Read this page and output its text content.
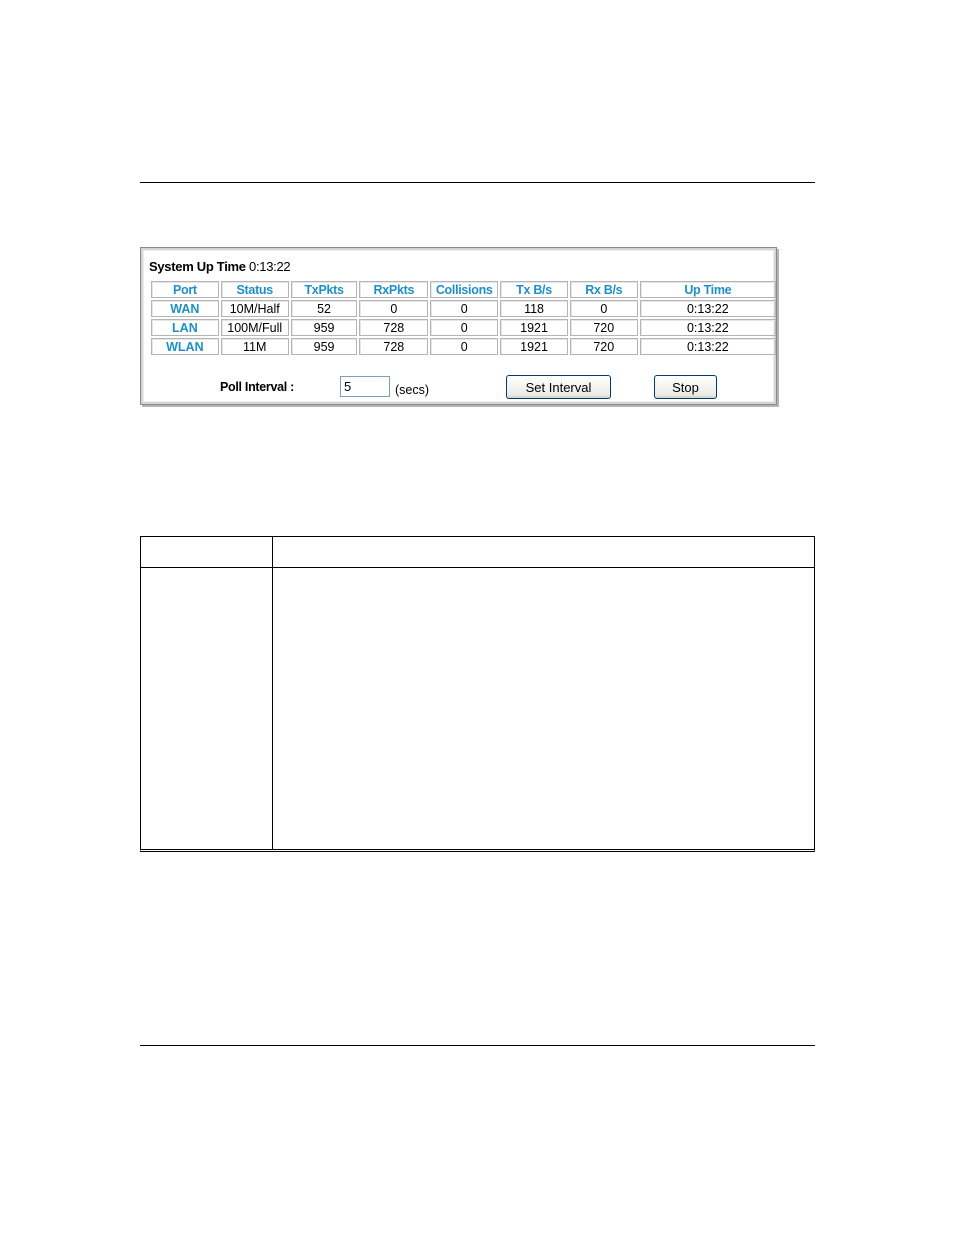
System Up Time 0:13:22
Port	Status	TxPkts	RxPkts	Collisions	Tx B/s	Rx B/s	Up Time
WAN	10M/Half	52	0	0	118	0	0:13:22
LAN	100M/Full	959	728	0	1921	720	0:13:22
WLAN	11M	959	728	0	1921	720	0:13:22
Poll Interval :
5	(secs)	Set Interval	Stop
